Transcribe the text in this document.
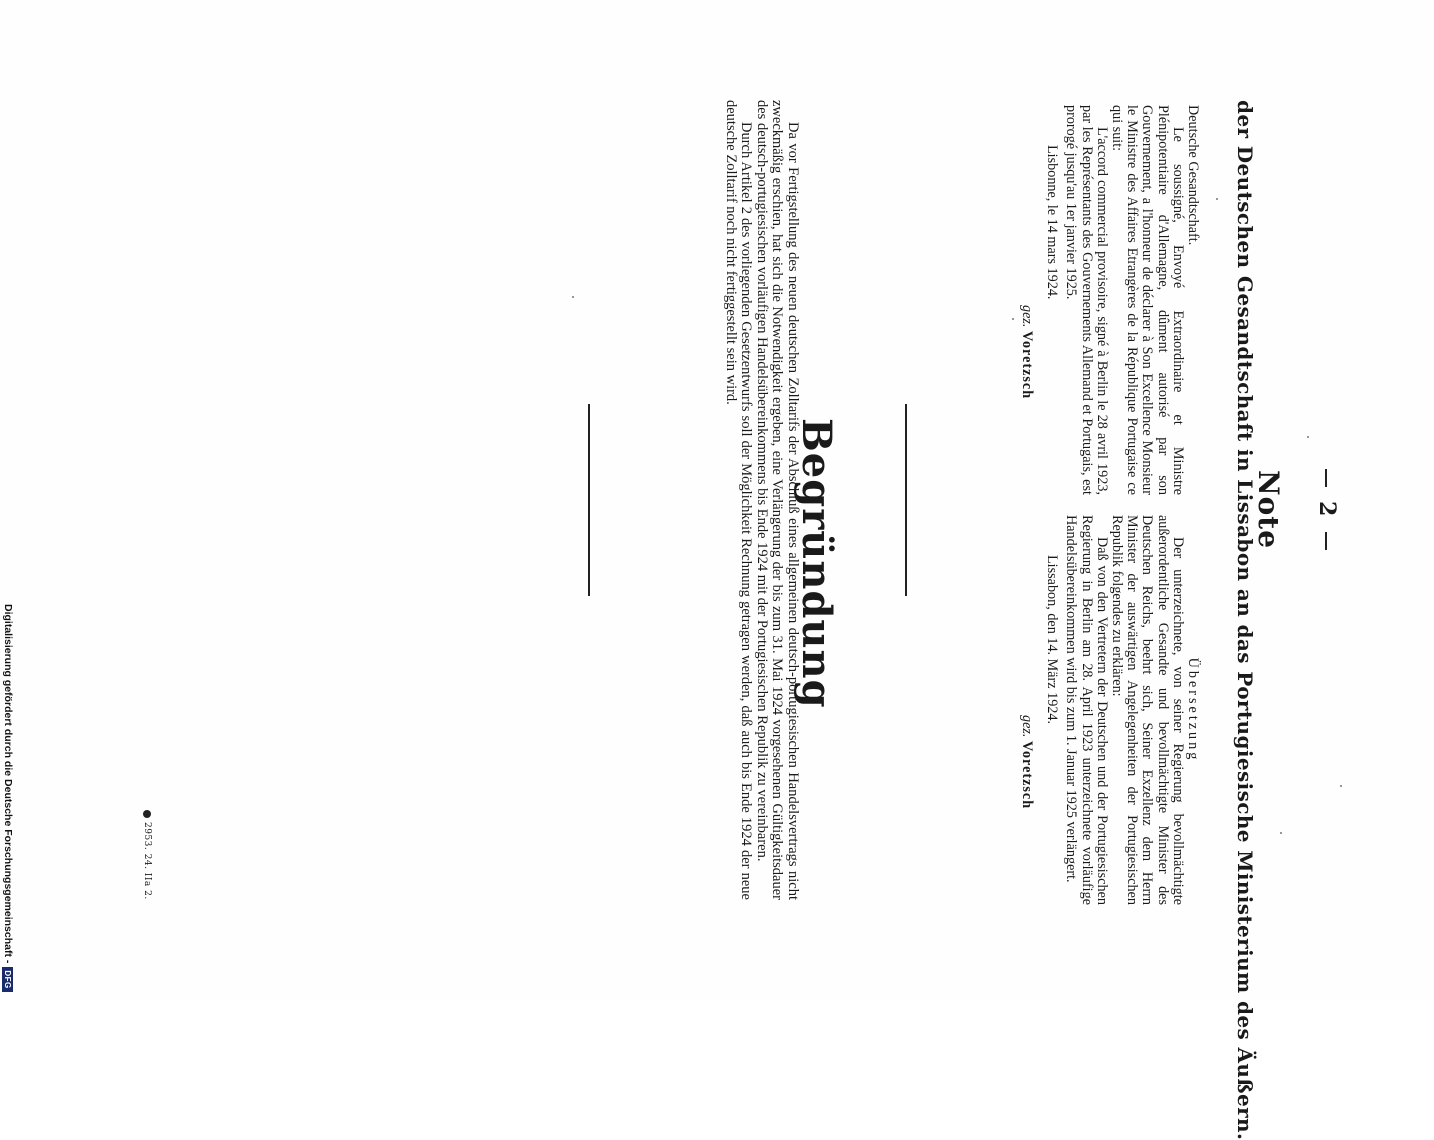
2
Note
der Deutschen Gesandtschaft in Lissabon an das Portugiesische Ministerium des Äußern.

Deutsche Gesandtschaft.

Le soussigné, Envoyé Extraordinaire et Ministre Plénipotentiaire d'Allemagne, dûment autorisé par son Gouvernement, a l'honneur de déclarer à Son Excellence Monsieur le Ministre des Affaires Etrangères de la République Portugaise ce qui suit:

L'accord commercial provisoire, signé à Berlin le 28 avril 1923, par les Représentants des Gouvernements Allemand et Portugais, est prorogé jusqu'au 1er janvier 1925.

Lisbonne, le 14 mars 1924.

gez. Voretzsch

Übersetzung

Der unterzeichnete, von seiner Regierung bevollmächtigte außerordentliche Gesandte und bevollmächtigte Minister des Deutschen Reichs, beehrt sich, Seiner Exzellenz dem Herrn Minister der auswärtigen Angelegenheiten der Portugiesischen Republik folgendes zu erklären:

Daß von den Vertretern der Deutschen und der Portugiesischen Regierung in Berlin am 28. April 1923 unterzeichnete vorläufige Handelsübereinkommen wird bis zum 1. Januar 1925 verlängert.

Lissabon, den 14. März 1924.

gez. Voretzsch

Begründung

Da vor Fertigstellung des neuen deutschen Zolltarifs der Abschluß eines allgemeinen deutsch-portugiesischen Handelsvertrags nicht zweckmäßig erschien, hat sich die Notwendigkeit ergeben, eine Verlängerung der bis zum 31. Mai 1924 vorgesehenen Gültigkeitsdauer des deutsch-portugiesischen vorläufigen Handelsübereinkommens bis Ende 1924 mit der Portugiesischen Republik zu vereinbaren.

Durch Artikel 2 des vorliegenden Gesetzentwurfs soll der Möglichkeit Rechnung getragen werden, daß auch bis Ende 1924 der neue deutsche Zolltarif noch nicht fertiggestellt sein wird.

2953. 24. IIa 2.
Digitalisierung gefördert durch die Deutsche Forschungsgemeinschaft -DFG
